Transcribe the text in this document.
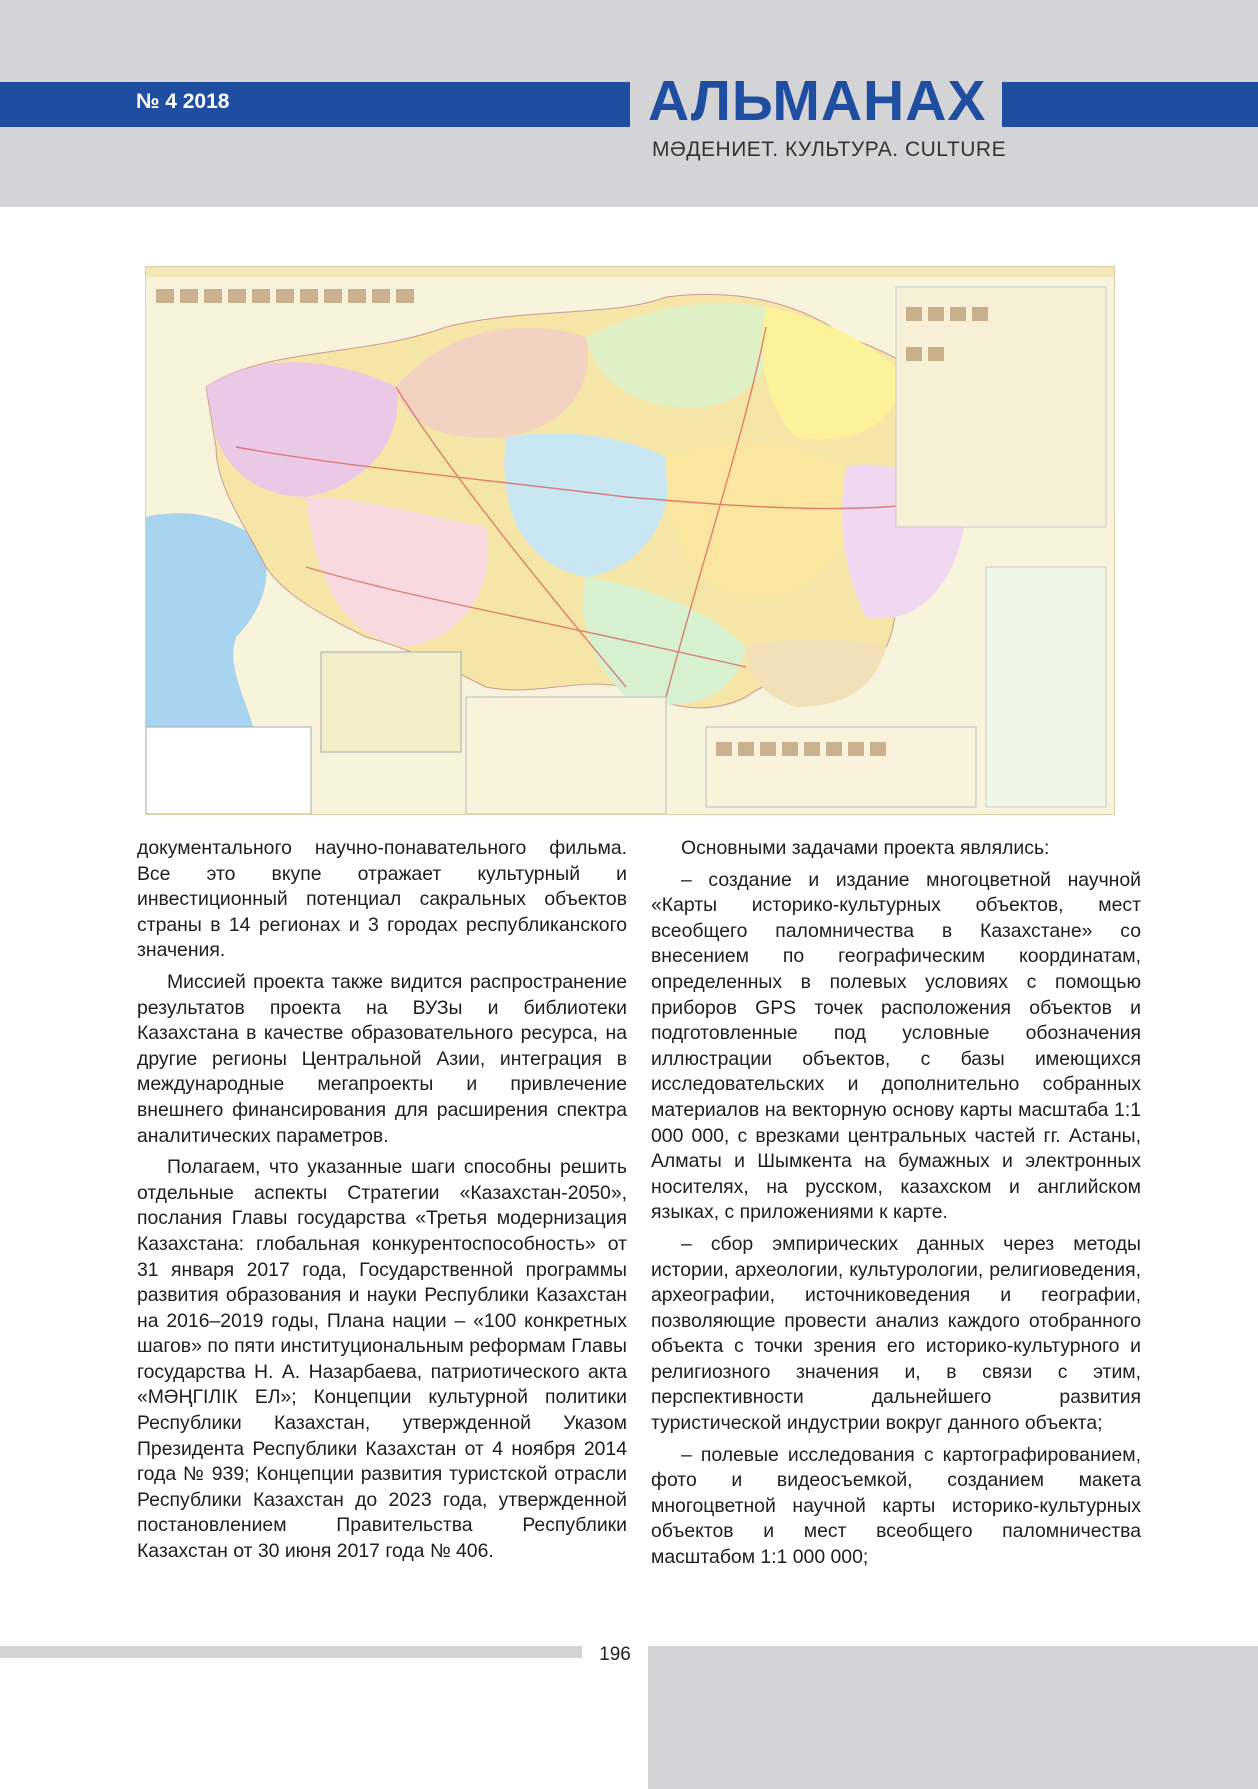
№ 4 2018	АЛЬМАНАХ
МӘДЕНИЕТ. КУЛЬТУРА. CULTURE

документального научно-понавательного фильма. Все это вкупе отражает культурный и инвестиционный потенциал сакральных объектов страны в 14 регионах и 3 городах республиканского значения.

Миссией проекта также видится распространение результатов проекта на ВУЗы и библиотеки Казахстана в качестве образовательного ресурса, на другие регионы Центральной Азии, интеграция в международные мегапроекты и привлечение внешнего финансирования для расширения спектра аналитических параметров.

Полагаем, что указанные шаги способны решить отдельные аспекты Стратегии «Казахстан-2050», послания Главы государства «Третья модернизация Казахстана: глобальная конкурентоспособность» от 31 января 2017 года, Государственной программы развития образования и науки Республики Казахстан на 2016–2019 годы, Плана нации – «100 конкретных шагов» по пяти институциональным реформам Главы государства Н. А. Назарбаева, патриотического акта «МӘҢГІЛІК ЕЛ»; Концепции культурной политики Республики Казахстан, утвержденной Указом Президента Республики Казахстан от 4 ноября 2014 года № 939; Концепции развития туристской отрасли Республики Казахстан до 2023 года, утвержденной постановлением Правительства Республики Казахстан от 30 июня 2017 года № 406.

Основными задачами проекта являлись:

– создание и издание многоцветной научной «Карты историко-культурных объектов, мест всеобщего паломничества в Казахстане» со внесением по географическим координатам, определенных в полевых условиях с помощью приборов GPS точек расположения объектов и подготовленные под условные обозначения иллюстрации объектов, с базы имеющихся исследовательских и дополнительно собранных материалов на векторную основу карты масштаба 1:1 000 000, с врезками центральных частей гг. Астаны, Алматы и Шымкента на бумажных и электронных носителях, на русском, казахском и английском языках, с приложениями к карте.

– сбор эмпирических данных через методы истории, археологии, культурологии, религиоведения, археографии, источниковедения и географии, позволяющие провести анализ каждого отобранного объекта с точки зрения его историко-культурного и религиозного значения и, в связи с этим, перспективности дальнейшего развития туристической индустрии вокруг данного объекта;

– полевые исследования с картографированием, фото и видеосъемкой, созданием макета многоцветной научной карты историко-культурных объектов и мест всеобщего паломничества масштабом 1:1 000 000;

196
